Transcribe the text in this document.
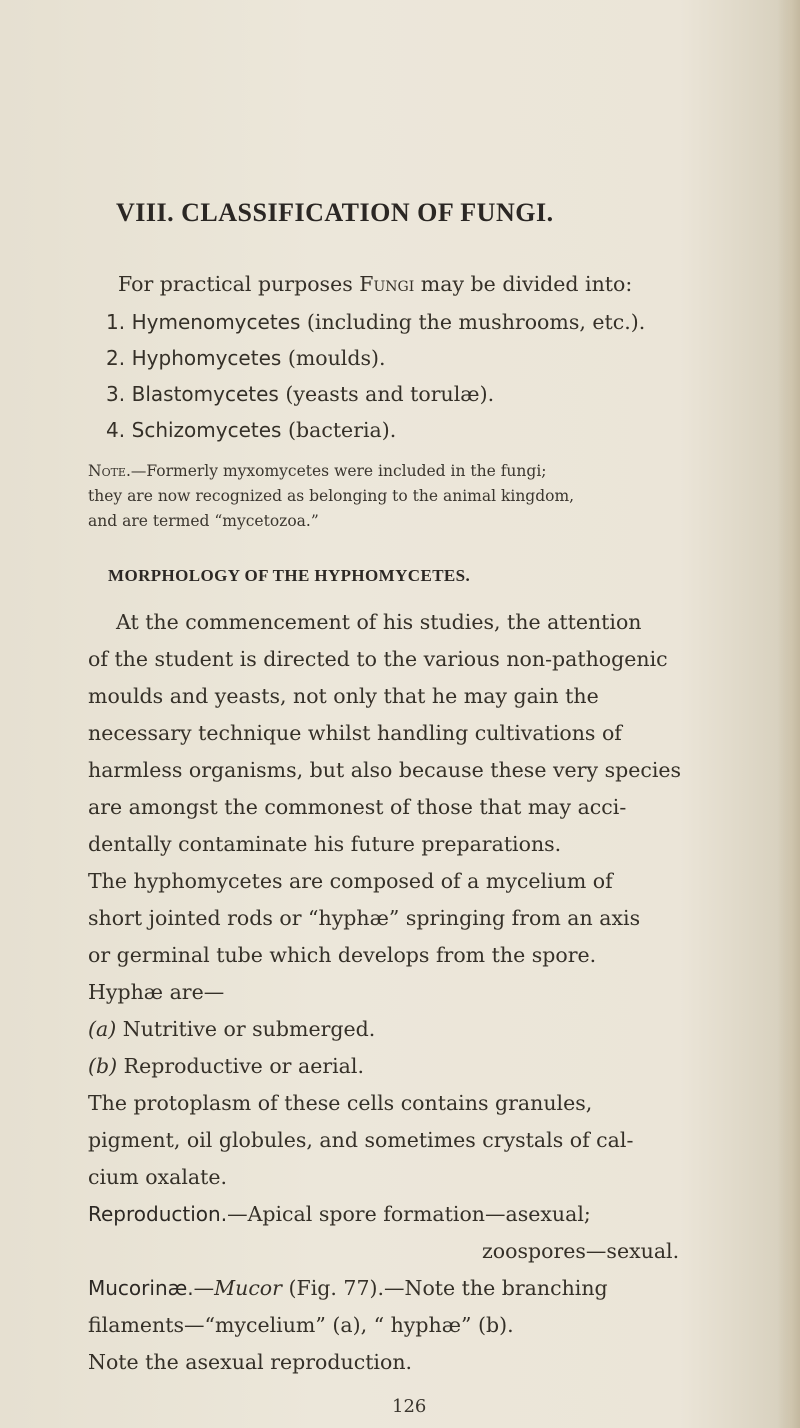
VIII. CLASSIFICATION OF FUNGI.
For practical purposes Fungi may be divided into:
1. Hymenomycetes (including the mushrooms, etc.).
2. Hyphomycetes (moulds).
3. Blastomycetes (yeasts and torulæ).
4. Schizomycetes (bacteria).
Note.—Formerly myxomycetes were included in the fungi;
they are now recognized as belonging to the animal kingdom,
and are termed “mycetozoa.”
MORPHOLOGY OF THE HYPHOMYCETES.
At the commencement of his studies, the attention
of the student is directed to the various non-pathogenic
moulds and yeasts, not only that he may gain the
necessary technique whilst handling cultivations of
harmless organisms, but also because these very species
are amongst the commonest of those that may acci-
dentally contaminate his future preparations.
The hyphomycetes are composed of a mycelium of
short jointed rods or “hyphæ” springing from an axis
or germinal tube which develops from the spore.
Hyphæ are—
(a) Nutritive or submerged.
(b) Reproductive or aerial.
The protoplasm of these cells contains granules,
pigment, oil globules, and sometimes crystals of cal-
cium oxalate.
Reproduction.—Apical spore formation—asexual;
zoospores—sexual.
Mucorinæ.—Mucor (Fig. 77).—Note the branching
filaments—“mycelium” (a), “ hyphæ” (b).
Note the asexual reproduction.
126
